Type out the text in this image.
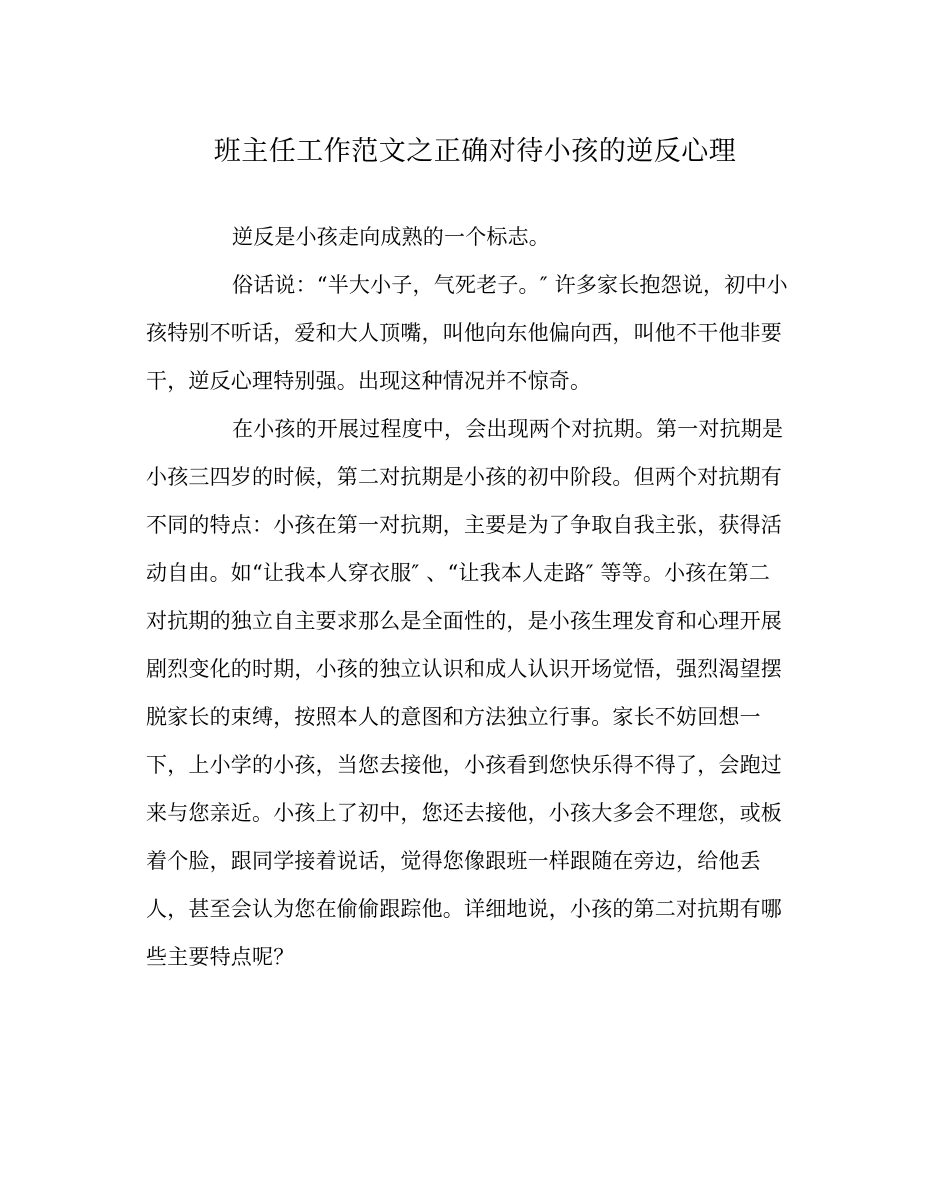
班主任工作范文之正确对待小孩的逆反心理
逆反是小孩走向成熟的一个标志。
俗话说：“半大小子，气死老子。″ 许多家长抱怨说，初中小
孩特别不听话，爱和大人顶嘴，叫他向东他偏向西，叫他不干他非要
干，逆反心理特别强。出现这种情况并不惊奇。
在小孩的开展过程度中，会出现两个对抗期。第一对抗期是
小孩三四岁的时候，第二对抗期是小孩的初中阶段。但两个对抗期有
不同的特点：小孩在第一对抗期，主要是为了争取自我主张，获得活
动自由。如“让我本人穿衣服″ 、“让我本人走路″ 等等。小孩在第二
对抗期的独立自主要求那么是全面性的，是小孩生理发育和心理开展
剧烈变化的时期，小孩的独立认识和成人认识开场觉悟，强烈渴望摆
脱家长的束缚，按照本人的意图和方法独立行事。家长不妨回想一
下，上小学的小孩，当您去接他，小孩看到您快乐得不得了，会跑过
来与您亲近。小孩上了初中，您还去接他，小孩大多会不理您，或板
着个脸，跟同学接着说话，觉得您像跟班一样跟随在旁边，给他丢
人，甚至会认为您在偷偷跟踪他。详细地说，小孩的第二对抗期有哪
些主要特点呢？
